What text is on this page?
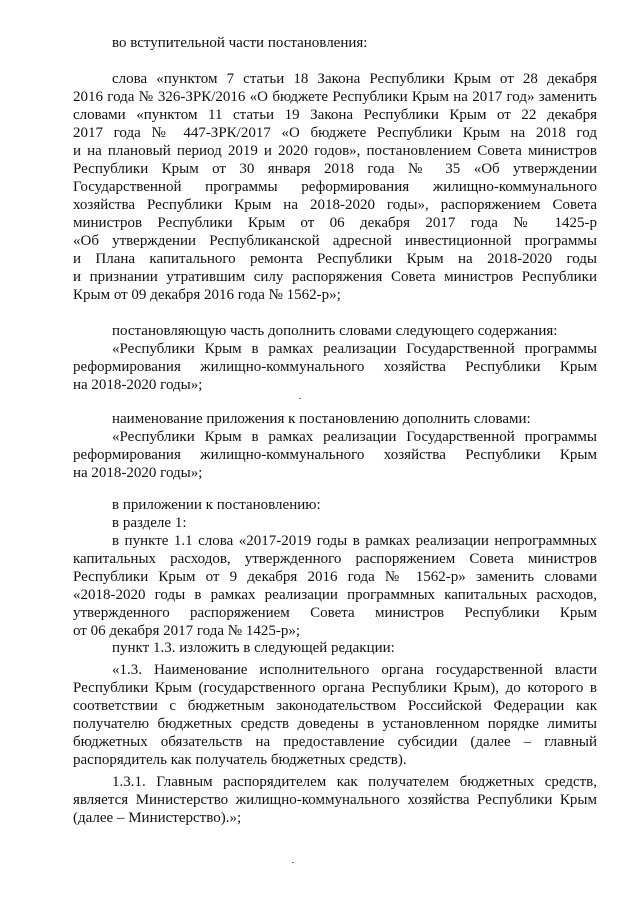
во вступительной части постановления:
слова «пунктом 7 статьи 18 Закона Республики Крым от 28 декабря
2016 года № 326-ЗРК/2016 «О бюджете Республики Крым на 2017 год» заменить
словами «пунктом 11 статьи 19 Закона Республики Крым от 22 декабря
2017 года № 447-ЗРК/2017 «О бюджете Республики Крым на 2018 год
и на плановый период 2019 и 2020 годов», постановлением Совета министров
Республики Крым от 30 января 2018 года № 35 «Об утверждении
Государственной программы реформирования жилищно-коммунального
хозяйства Республики Крым на 2018-2020 годы», распоряжением Совета
министров Республики Крым от 06 декабря 2017 года № 1425-р
«Об утверждении Республиканской адресной инвестиционной программы
и Плана капитального ремонта Республики Крым на 2018-2020 годы
и признании утратившим силу распоряжения Совета министров Республики
Крым от 09 декабря 2016 года № 1562-р»;
постановляющую часть дополнить словами следующего содержания:
«Республики Крым в рамках реализации Государственной программы
реформирования жилищно-коммунального хозяйства Республики Крым
на 2018-2020 годы»;
наименование приложения к постановлению дополнить словами:
«Республики Крым в рамках реализации Государственной программы
реформирования жилищно-коммунального хозяйства Республики Крым
на 2018-2020 годы»;
в приложении к постановлению:
в разделе 1:
в пункте 1.1 слова «2017-2019 годы в рамках реализации непрограммных
капитальных расходов, утвержденного распоряжением Совета министров
Республики Крым от 9 декабря 2016 года № 1562-р» заменить словами
«2018-2020 годы в рамках реализации программных капитальных расходов,
утвержденного распоряжением Совета министров Республики Крым
от 06 декабря 2017 года № 1425-р»;
пункт 1.3. изложить в следующей редакции:
«1.3. Наименование исполнительного органа государственной власти
Республики Крым (государственного органа Республики Крым), до которого в
соответствии с бюджетным законодательством Российской Федерации как
получателю бюджетных средств доведены в установленном порядке лимиты
бюджетных обязательств на предоставление субсидии (далее – главный
распорядитель как получатель бюджетных средств).
1.3.1. Главным распорядителем как получателем бюджетных средств,
является Министерство жилищно-коммунального хозяйства Республики Крым
(далее – Министерство).»;
